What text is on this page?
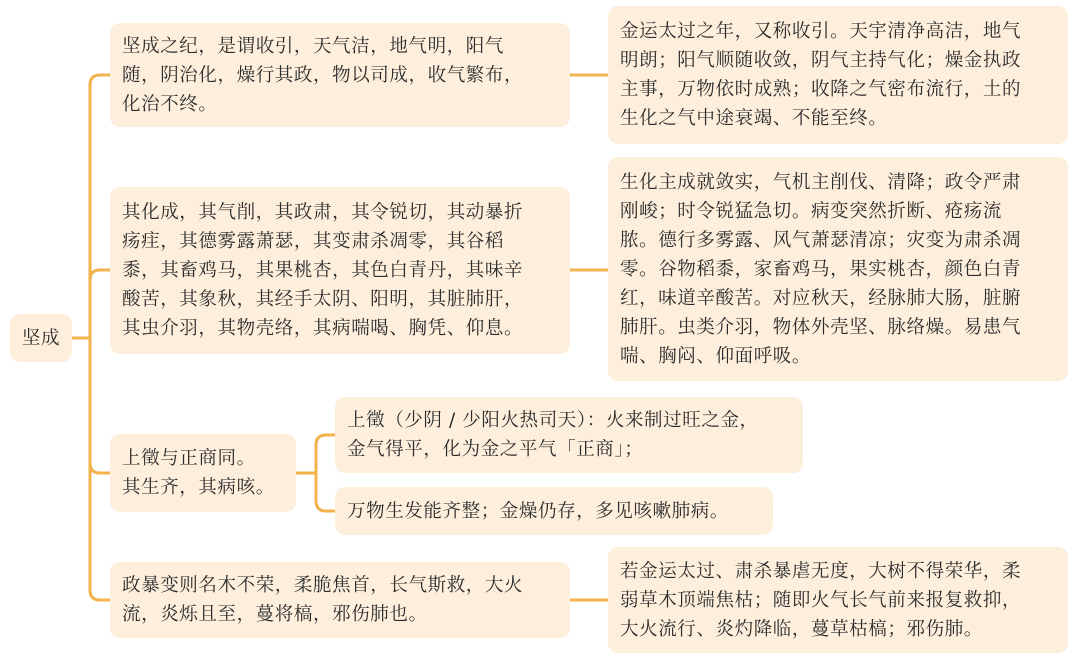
坚成
坚成之纪，是谓收引，天气洁，地气明，阳气
随，阴治化，燥行其政，物以司成，收气繁布，
化治不终。
金运太过之年，又称收引。天宇清净高洁，地气
明朗；阳气顺随收敛，阴气主持气化；燥金执政
主事，万物依时成熟；收降之气密布流行，土的
生化之气中途衰竭、不能至终。
其化成，其气削，其政肃，其令锐切，其动暴折
疡疰，其德雾露萧瑟，其变肃杀凋零，其谷稻
黍，其畜鸡马，其果桃杏，其色白青丹，其味辛
酸苦，其象秋，其经手太阴、阳明，其脏肺肝，
其虫介羽，其物壳络，其病喘喝、胸凭、仰息。
生化主成就敛实，气机主削伐、清降；政令严肃
刚峻；时令锐猛急切。病变突然折断、疮疡流
脓。德行多雾露、风气萧瑟清凉；灾变为肃杀凋
零。谷物稻黍，家畜鸡马，果实桃杏，颜色白青
红，味道辛酸苦。对应秋天，经脉肺大肠，脏腑
肺肝。虫类介羽，物体外壳坚、脉络燥。易患气
喘、胸闷、仰面呼吸。
上徵与正商同。
其生齐，其病咳。
上徵（少阴 / 少阳火热司天）：火来制过旺之金，
金气得平，化为金之平气「正商」；
万物生发能齐整；金燥仍存，多见咳嗽肺病。
政暴变则名木不荣，柔脆焦首，长气斯救，大火
流，炎烁且至，蔓将槁，邪伤肺也。
若金运太过、肃杀暴虐无度，大树不得荣华，柔
弱草木顶端焦枯；随即火气长气前来报复救抑，
大火流行、炎灼降临，蔓草枯槁；邪伤肺。
